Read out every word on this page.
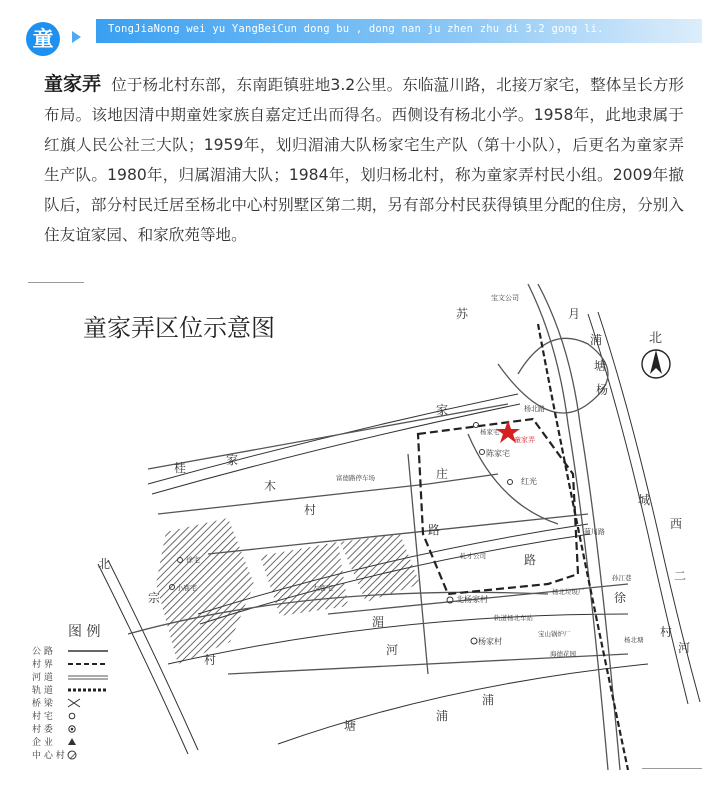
童	TongJiaNong wei yu YangBeiCun dong bu , dong nan ju zhen zhu di 3.2 gong li.
童家弄 位于杨北村东部，东南距镇驻地3.2公里。东临蕰川路，北接万家宅，整体呈长方形布局。该地因清中期童姓家族自嘉定迁出而得名。西侧设有杨北小学。1958年，此地隶属于红旗人民公社三大队；1959年，划归湄浦大队杨家宅生产队（第十小队），后更名为童家弄生产队。1980年，归属湄浦大队；1984年，划归杨北村，称为童家弄村民小组。2009年撤队后，部分村民迁居至杨北中心村别墅区第二期，另有部分村民获得镇里分配的住房，分别入住友谊家园、和家欣苑等地。
童家弄区位示意图	北
宝文公司
月
浦
塘
杨
苏
家	杨北路
杨家宅
陈家宅
红光
富德路停车场
桂
家
木
村
北	徐宅
小庙宅	大庙宅
轧才公司
北杨家村
杨家村
杨北垃圾厂
轨道杨北车站
宝山锅炉厂
海德花园
城
西
二
村
河
孙江巷
杨北塘
湄
浦
浦
河
塘
蕰川路
村
路
宗
路
庄
徐
童家弄
图 例
公 路
村 界
河 道
轨 道
桥 梁
村 宅
村 委
企 业
中 心 村
